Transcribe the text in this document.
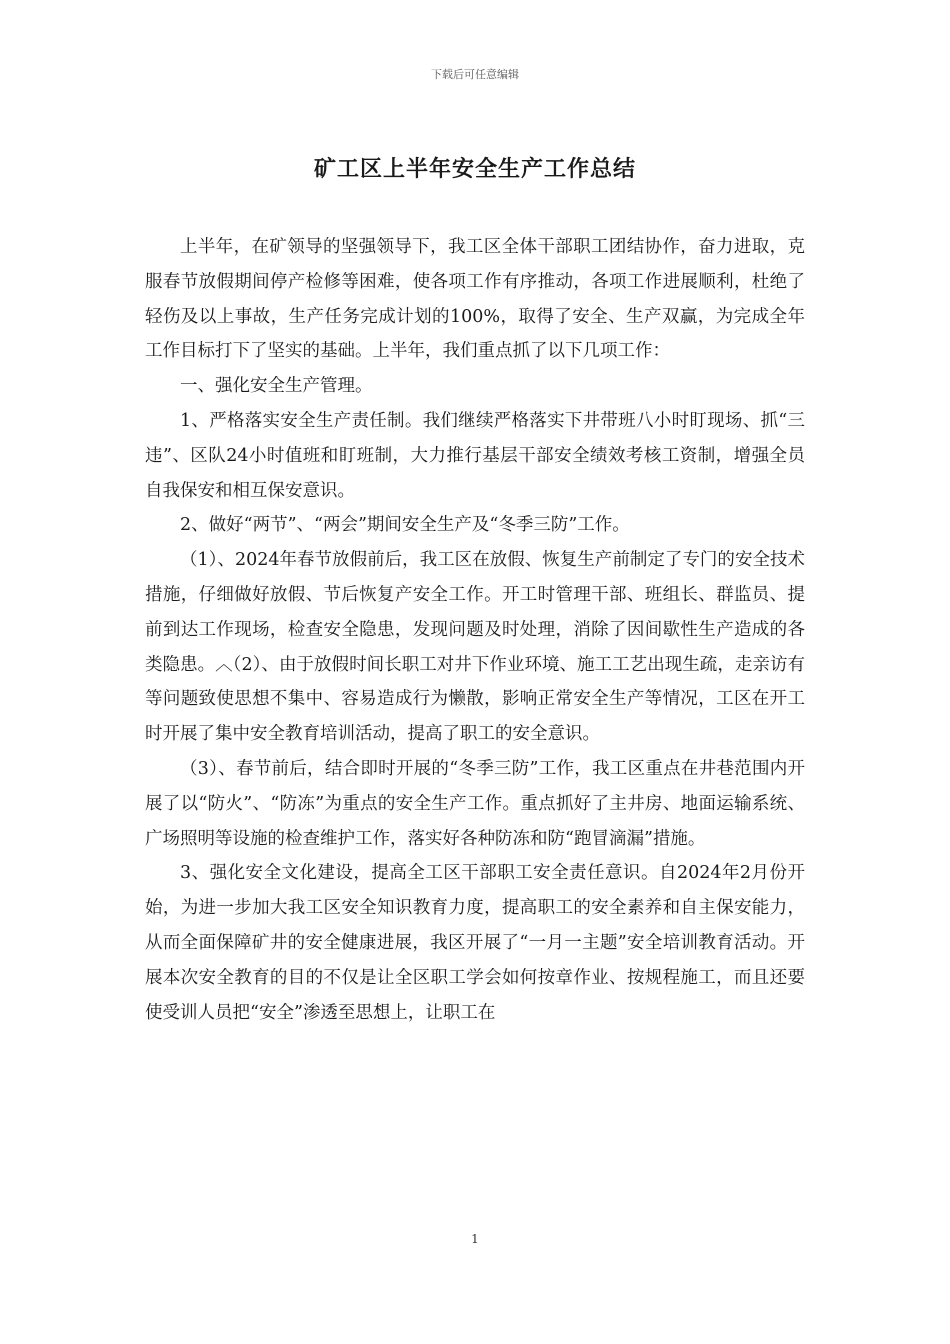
下载后可任意编辑
矿工区上半年安全生产工作总结

上半年，在矿领导的坚强领导下，我工区全体干部职工团结协作，奋力进取，克服春节放假期间停产检修等困难，使各项工作有序推动，各项工作进展顺利，杜绝了轻伤及以上事故，生产任务完成计划的100%，取得了安全、生产双赢，为完成全年工作目标打下了坚实的基础。上半年，我们重点抓了以下几项工作：

一、强化安全生产管理。

1、严格落实安全生产责任制。我们继续严格落实下井带班八小时盯现场、抓“三违”、区队24小时值班和盯班制，大力推行基层干部安全绩效考核工资制，增强全员自我保安和相互保安意识。

2、做好“两节”、“两会”期间安全生产及“冬季三防”工作。

（1）、2024年春节放假前后，我工区在放假、恢复生产前制定了专门的安全技术措施，仔细做好放假、节后恢复产安全工作。开工时管理干部、班组长、群监员、提前到达工作现场，检查安全隐患，发现问题及时处理，消除了因间歇性生产造成的各类隐患。︿（2）、由于放假时间长职工对井下作业环境、施工工艺出现生疏，走亲访有等问题致使思想不集中、容易造成行为懒散，影响正常安全生产等情况，工区在开工时开展了集中安全教育培训活动，提高了职工的安全意识。

（3）、春节前后，结合即时开展的“冬季三防”工作，我工区重点在井巷范围内开展了以“防火”、“防冻”为重点的安全生产工作。重点抓好了主井房、地面运输系统、广场照明等设施的检查维护工作，落实好各种防冻和防“跑冒滴漏”措施。

3、强化安全文化建设，提高全工区干部职工安全责任意识。自2024年2月份开始，为进一步加大我工区安全知识教育力度，提高职工的安全素养和自主保安能力，从而全面保障矿井的安全健康进展，我区开展了“一月一主题”安全培训教育活动。开展本次安全教育的目的不仅是让全区职工学会如何按章作业、按规程施工，而且还要使受训人员把“安全”渗透至思想上，让职工在

1
